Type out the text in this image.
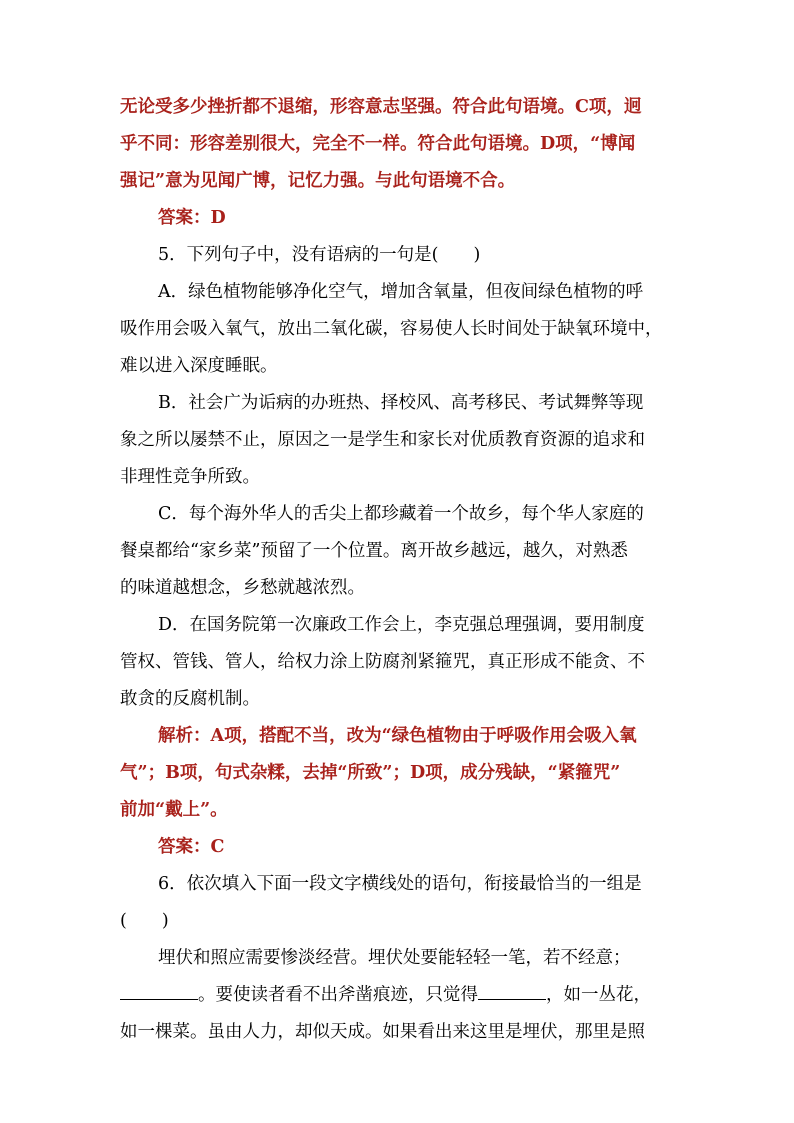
无论受多少挫折都不退缩，形容意志坚强。符合此句语境。C项，迥
乎不同：形容差别很大，完全不一样。符合此句语境。D项，“博闻
强记”意为见闻广博，记忆力强。与此句语境不合。
答案：D
5．下列句子中，没有语病的一句是(　　)
A．绿色植物能够净化空气，增加含氧量，但夜间绿色植物的呼
吸作用会吸入氧气，放出二氧化碳，容易使人长时间处于缺氧环境中，
难以进入深度睡眠。
B．社会广为诟病的办班热、择校风、高考移民、考试舞弊等现
象之所以屡禁不止，原因之一是学生和家长对优质教育资源的追求和
非理性竞争所致。
C．每个海外华人的舌尖上都珍藏着一个故乡，每个华人家庭的
餐桌都给“家乡菜”预留了一个位置。离开故乡越远，越久，对熟悉
的味道越想念，乡愁就越浓烈。
D．在国务院第一次廉政工作会上，李克强总理强调，要用制度
管权、管钱、管人，给权力涂上防腐剂紧箍咒，真正形成不能贪、不
敢贪的反腐机制。
解析：A项，搭配不当，改为“绿色植物由于呼吸作用会吸入氧
气”；B项，句式杂糅，去掉“所致”；D项，成分残缺，“紧箍咒”
前加“戴上”。
答案：C
6．依次填入下面一段文字横线处的语句，衔接最恰当的一组是
(　　)
埋伏和照应需要惨淡经营。埋伏处要能轻轻一笔，若不经意；
。要使读者看不出斧凿痕迹，只觉得	，如一丛花，
如一棵菜。虽由人力，却似天成。如果看出来这里是埋伏，那里是照
